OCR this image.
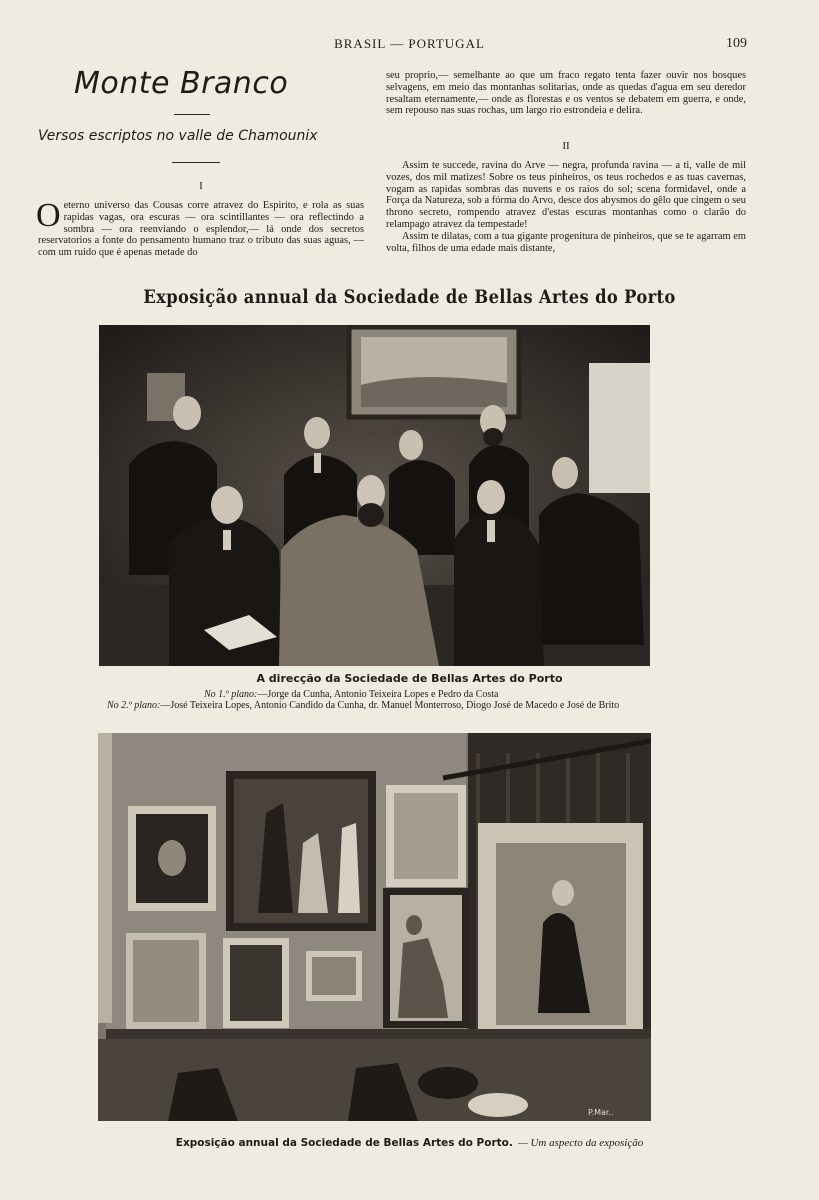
BRASIL — PORTUGAL	109
Monte Branco
Versos escriptos no valle de Chamounix
I

Oeterno universo das Cousas corre atravez do Espirito, e rola as suas rapidas vagas, ora escuras — ora scintillantes — ora reflectindo a sombra — ora reenviando o esplendor,— lá onde dos secretos reservatorios a fonte do pensamento humano traz o tributo das suas aguas, — com um ruido que é apenas metade do

seu proprio,— semelhante ao que um fraco regato tenta fazer ouvir nos bosques selvagens, em meio das montanhas solitarias, onde as quedas d'agua em seu deredor resaltam eternamente,— onde as florestas e os ventos se debatem em guerra, e onde, sem repouso nas suas rochas, um largo rio estrondeia e delira.

II

Assim te succede, ravina do Arve — negra, profunda ravina — a ti, valle de mil vozes, dos mil matizes! Sobre os teus pinheiros, os teus rochedos e as tuas cavernas, vogam as rapidas sombras das nuvens e os raios do sol; scena formidavel, onde a Força da Natureza, sob a fórma do Arvo, desce dos abysmos do gêlo que cingem o seu throno secreto, rompendo atravez d'estas escuras montanhas como o clarão do relampago atravez da tempestade!

Assim te dilatas, com a tua gigante progenitura de pinheiros, que se te agarram em volta, filhos de uma edade mais distante,

Exposição annual da Sociedade de Bellas Artes do Porto
A direcção da Sociedade de Bellas Artes do Porto
No 1.º plano:—Jorge da Cunha, Antonio Teixeira Lopes e Pedro da Costa
No 2.º plano:—José Teixeira Lopes, Antonio Candido da Cunha, dr. Manuel Monterroso, Diogo José de Macedo e José de Brito
P.Mar..
Exposição annual da Sociedade de Bellas Artes do Porto. — Um aspecto da exposição
